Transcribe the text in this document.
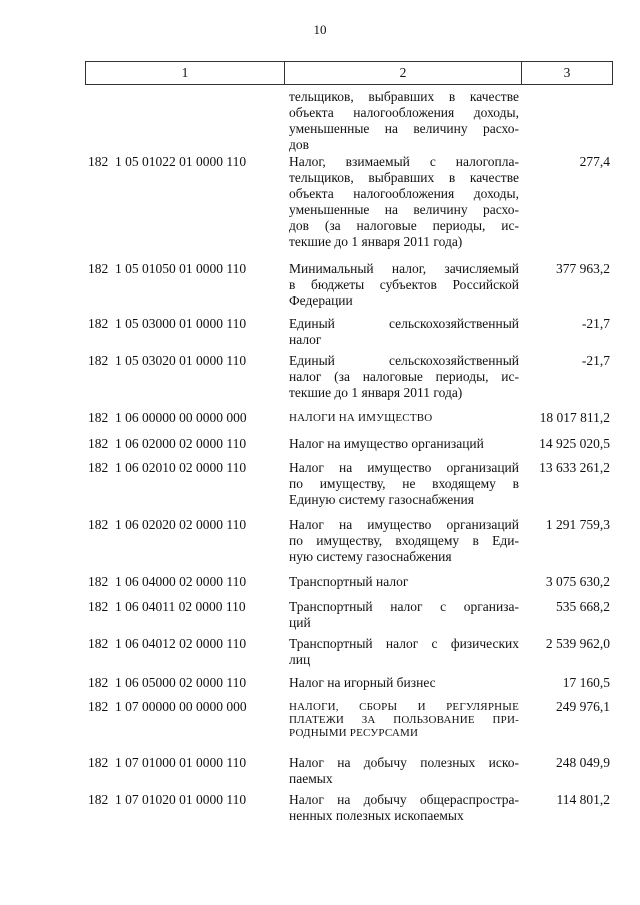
10
1	2	3
тельщиков, выбравших в качестве
объекта налогообложения доходы,
уменьшенные на величину расхо-
дов
182  1 05 01022 01 0000 110	Налог, взимаемый с налогопла-
тельщиков, выбравших в качестве
объекта налогообложения доходы,
уменьшенные на величину расхо-
дов (за налоговые периоды, ис-
текшие до 1 января 2011 года)
277,4
182  1 05 01050 01 0000 110	Минимальный налог, зачисляемый
в бюджеты субъектов Российской
Федерации
377 963,2
182  1 05 03000 01 0000 110	Единый сельскохозяйственный
налог
-21,7
182  1 05 03020 01 0000 110	Единый сельскохозяйственный
налог (за налоговые периоды, ис-
текшие до 1 января 2011 года)
-21,7
182  1 06 00000 00 0000 000	НАЛОГИ НА ИМУЩЕСТВО	18 017 811,2
182  1 06 02000 02 0000 110	Налог на имущество организаций	14 925 020,5
182  1 06 02010 02 0000 110	Налог на имущество организаций
по имуществу, не входящему в
Единую систему газоснабжения
13 633 261,2
182  1 06 02020 02 0000 110	Налог на имущество организаций
по имуществу, входящему в Еди-
ную систему газоснабжения
1 291 759,3
182  1 06 04000 02 0000 110	Транспортный налог	3 075 630,2
182  1 06 04011 02 0000 110	Транспортный налог с организа-
ций
535 668,2
182  1 06 04012 02 0000 110	Транспортный налог с физических
лиц
2 539 962,0
182  1 06 05000 02 0000 110	Налог на игорный бизнес	17 160,5
182  1 07 00000 00 0000 000	НАЛОГИ, СБОРЫ И РЕГУЛЯРНЫЕ
ПЛАТЕЖИ ЗА ПОЛЬЗОВАНИЕ ПРИ-
РОДНЫМИ РЕСУРСАМИ
249 976,1
182  1 07 01000 01 0000 110	Налог на добычу полезных иско-
паемых
248 049,9
182  1 07 01020 01 0000 110	Налог на добычу общераспростра-
ненных полезных ископаемых
114 801,2
